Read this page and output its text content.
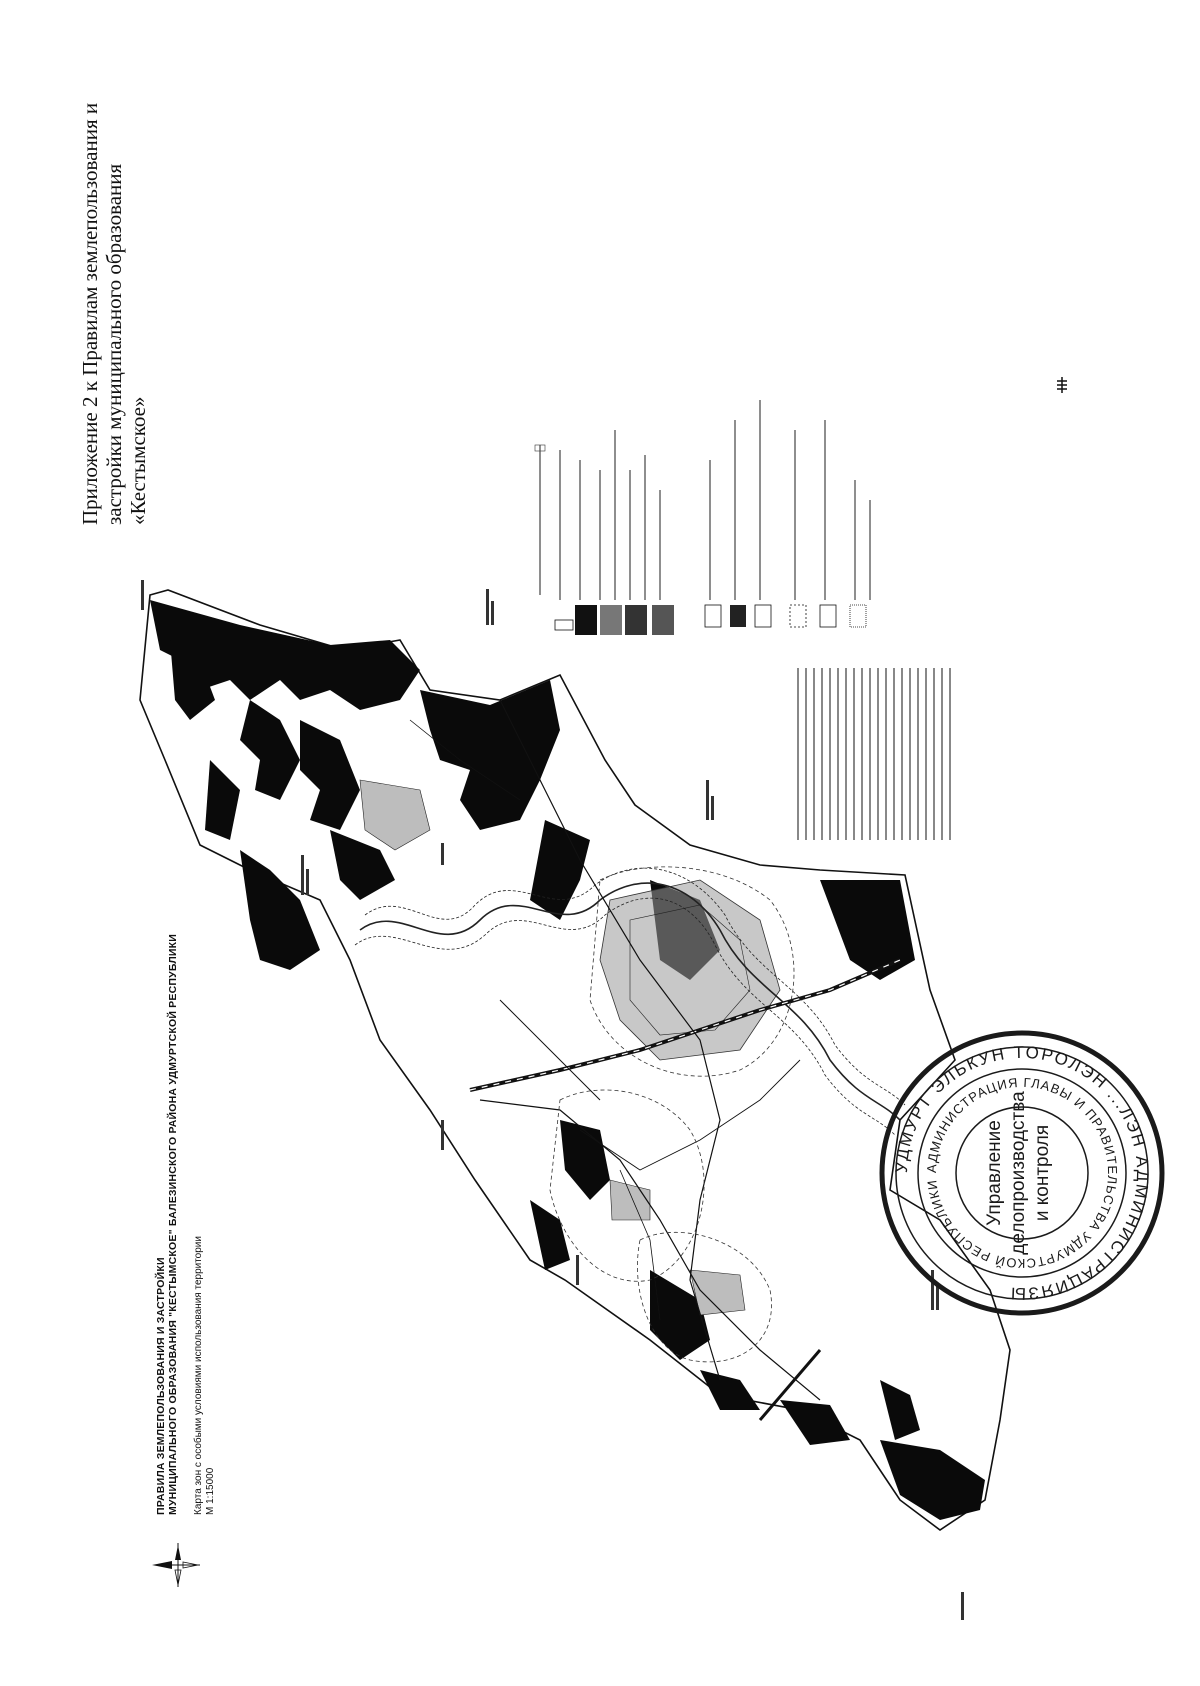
Приложение 2 к Правилам землепользования и застройки муниципального образования «Кестымское»
ПРАВИЛА ЗЕМЛЕПОЛЬЗОВАНИЯ И ЗАСТРОЙКИ МУНИЦИПАЛЬНОГО ОБРАЗОВАНИЯ "КЕСТЫМСКОЕ" БАЛЕЗИНСКОГО РАЙОНА УДМУРТСКОЙ РЕСПУБЛИКИ Карта зон с особыми условиями использования территории М 1:15000
УДМУРТ ЭЛЬКУН ТОРОЛЭН ...ЛЭН АДМИНИСТРАЦИЯЗЫ
АДМИНИСТРАЦИЯ ГЛАВЫ И ПРАВИТЕЛЬСТВА УДМУРТСКОЙ РЕСПУБЛИКИ	Управление делопроизводства и контроля
